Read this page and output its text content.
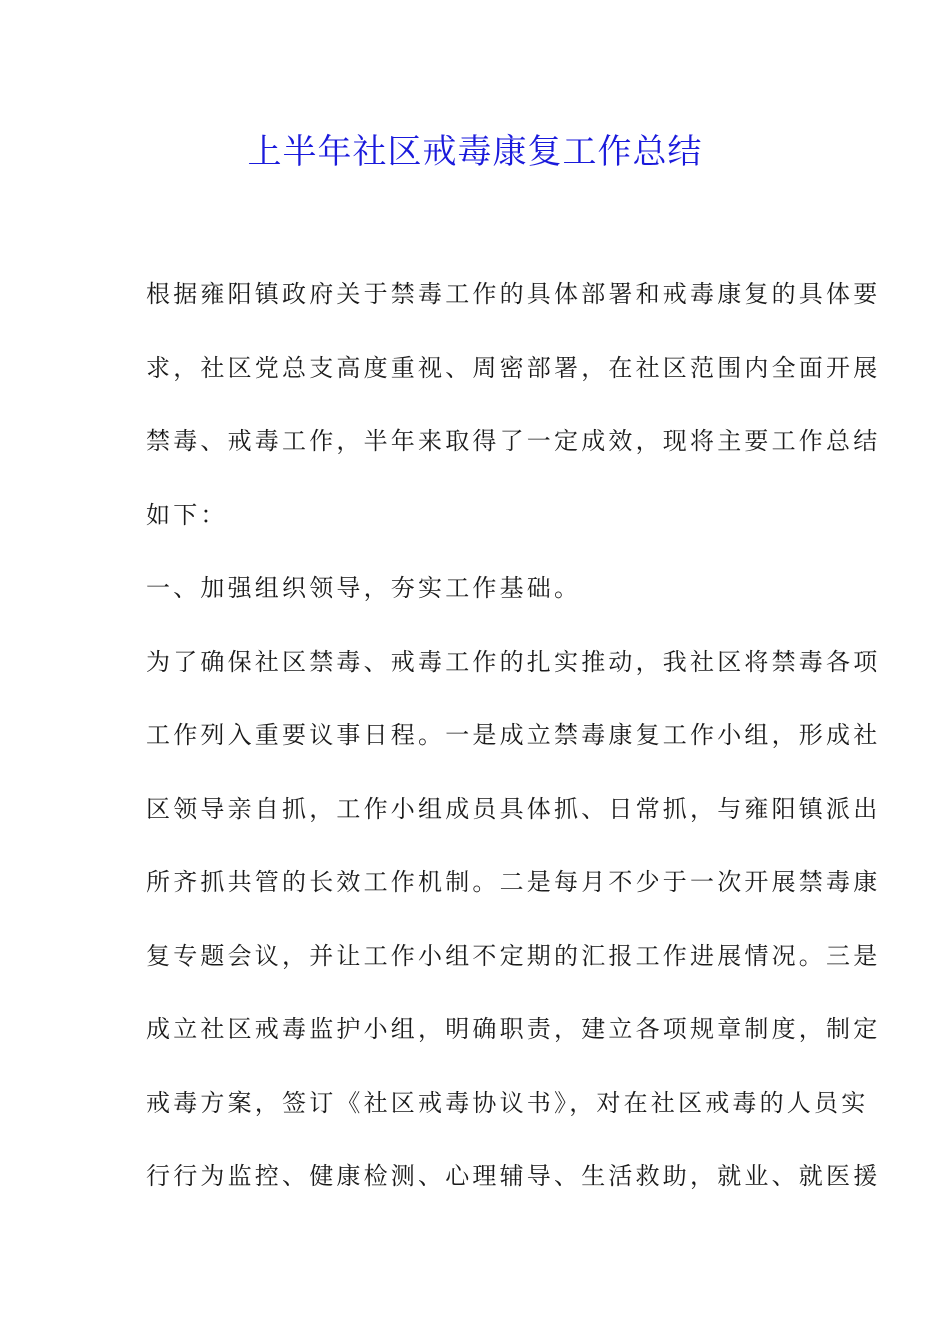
上半年社区戒毒康复工作总结
根据雍阳镇政府关于禁毒工作的具体部署和戒毒康复的具体要
求，社区党总支高度重视、周密部署，在社区范围内全面开展
禁毒、戒毒工作，半年来取得了一定成效，现将主要工作总结
如下：
一、加强组织领导，夯实工作基础。
为了确保社区禁毒、戒毒工作的扎实推动，我社区将禁毒各项
工作列入重要议事日程。一是成立禁毒康复工作小组，形成社
区领导亲自抓，工作小组成员具体抓、日常抓，与雍阳镇派出
所齐抓共管的长效工作机制。二是每月不少于一次开展禁毒康
复专题会议，并让工作小组不定期的汇报工作进展情况。三是
成立社区戒毒监护小组，明确职责，建立各项规章制度，制定
戒毒方案，签订《社区戒毒协议书》，对在社区戒毒的人员实
行行为监控、健康检测、心理辅导、生活救助，就业、就医援
